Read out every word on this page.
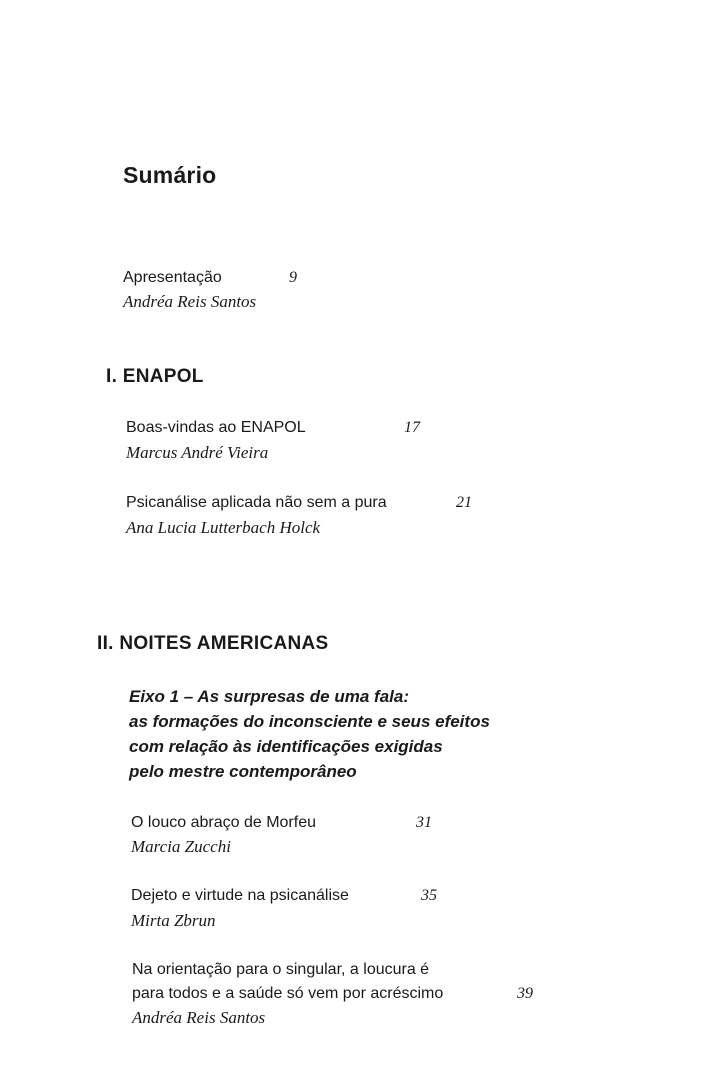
Sumário
Apresentação	9
Andréa Reis Santos
I. ENAPOL
Boas-vindas ao ENAPOL	17
Marcus André Vieira
Psicanálise aplicada não sem a pura	21
Ana Lucia Lutterbach Holck
II. NOITES AMERICANAS
Eixo 1 – As surpresas de uma fala:
as formações do inconsciente e seus efeitos
com relação às identificações exigidas
pelo mestre contemporâneo
O louco abraço de Morfeu	31
Marcia Zucchi
Dejeto e virtude na psicanálise	35
Mirta Zbrun
Na orientação para o singular, a loucura é
para todos e a saúde só vem por acréscimo	39
Andréa Reis Santos
